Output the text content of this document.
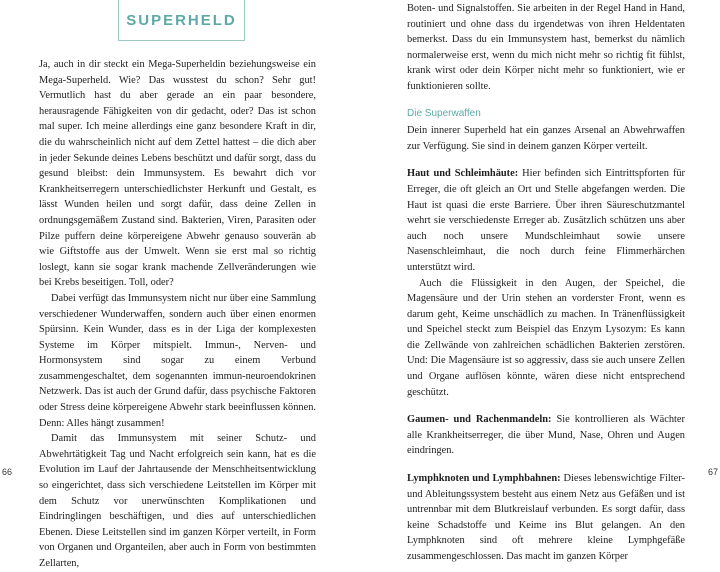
SUPERHELD

Ja, auch in dir steckt ein Mega-Superheldin beziehungsweise ein Mega-Superheld. Wie? Das wusstest du schon? Sehr gut! Vermutlich hast du aber gerade an ein paar besondere, herausragende Fähigkeiten von dir gedacht, oder? Das ist schon mal super. Ich meine allerdings eine ganz besondere Kraft in dir, die du wahrscheinlich nicht auf dem Zettel hattest – die dich aber in jeder Sekunde deines Lebens beschützt und dafür sorgt, dass du gesund bleibst: dein Immunsystem. Es bewahrt dich vor Krankheitserregern unterschiedlichster Herkunft und Gestalt, es lässt Wunden heilen und sorgt dafür, dass deine Zellen in ordnungsgemäßem Zustand sind. Bakterien, Viren, Parasiten oder Pilze puffern deine körpereigene Abwehr genauso souverän ab wie Giftstoffe aus der Umwelt. Wenn sie erst mal so richtig loslegt, kann sie sogar krank machende Zellveränderungen wie bei Krebs beseitigen. Toll, oder?

Dabei verfügt das Immunsystem nicht nur über eine Sammlung verschiedener Wunderwaffen, sondern auch über einen enormen Spürsinn. Kein Wunder, dass es in der Liga der komplexesten Systeme im Körper mitspielt. Immun-, Nerven- und Hormonsystem sind sogar zu einem Verbund zusammengeschaltet, dem sogenannten immun-neuroendokrinen Netzwerk. Das ist auch der Grund dafür, dass psychische Faktoren oder Stress deine körpereigene Abwehr stark beeinflussen können. Denn: Alles hängt zusammen!

Damit das Immunsystem mit seiner Schutz- und Abwehrtätigkeit Tag und Nacht erfolgreich sein kann, hat es die Evolution im Lauf der Jahrtausende der Menschheitsentwicklung so eingerichtet, dass sich verschiedene Leitstellen im Körper mit dem Schutz vor unerwünschten Komplikationen und Eindringlingen beschäftigen, und dies auf unterschiedlichen Ebenen. Diese Leitstellen sind im ganzen Körper verteilt, in Form von Organen und Organteilen, aber auch in Form von bestimmten Zellarten,

66

Boten- und Signalstoffen. Sie arbeiten in der Regel Hand in Hand, routiniert und ohne dass du irgendetwas von ihren Heldentaten bemerkst. Dass du ein Immunsystem hast, bemerkst du nämlich normalerweise erst, wenn du mich nicht mehr so richtig fit fühlst, krank wirst oder dein Körper nicht mehr so funktioniert, wie er funktionieren sollte.

Die Superwaffen

Dein innerer Superheld hat ein ganzes Arsenal an Abwehrwaffen zur Verfügung. Sie sind in deinem ganzen Körper verteilt.

Haut und Schleimhäute: Hier befinden sich Eintrittspforten für Erreger, die oft gleich an Ort und Stelle abgefangen werden. Die Haut ist quasi die erste Barriere. Über ihren Säureschutzmantel wehrt sie verschiedenste Erreger ab. Zusätzlich schützen uns aber auch noch unsere Mundschleimhaut sowie unsere Nasenschleimhaut, die noch durch feine Flimmerhärchen unterstützt wird.

Auch die Flüssigkeit in den Augen, der Speichel, die Magensäure und der Urin stehen an vorderster Front, wenn es darum geht, Keime unschädlich zu machen. In Tränenflüssigkeit und Speichel steckt zum Beispiel das Enzym Lysozym: Es kann die Zellwände von zahlreichen schädlichen Bakterien zerstören. Und: Die Magensäure ist so aggressiv, dass sie auch unsere Zellen und Organe auflösen könnte, wären diese nicht entsprechend geschützt.

Gaumen- und Rachenmandeln: Sie kontrollieren als Wächter alle Krankheitserreger, die über Mund, Nase, Ohren und Augen eindringen.

Lymphknoten und Lymphbahnen: Dieses lebenswichtige Filter- und Ableitungssystem besteht aus einem Netz aus Gefäßen und ist untrennbar mit dem Blutkreislauf verbunden. Es sorgt dafür, dass keine Schadstoffe und Keime ins Blut gelangen. An den Lymphknoten sind oft mehrere kleine Lymphgefäße zusammengeschlossen. Das macht im ganzen Körper

67
